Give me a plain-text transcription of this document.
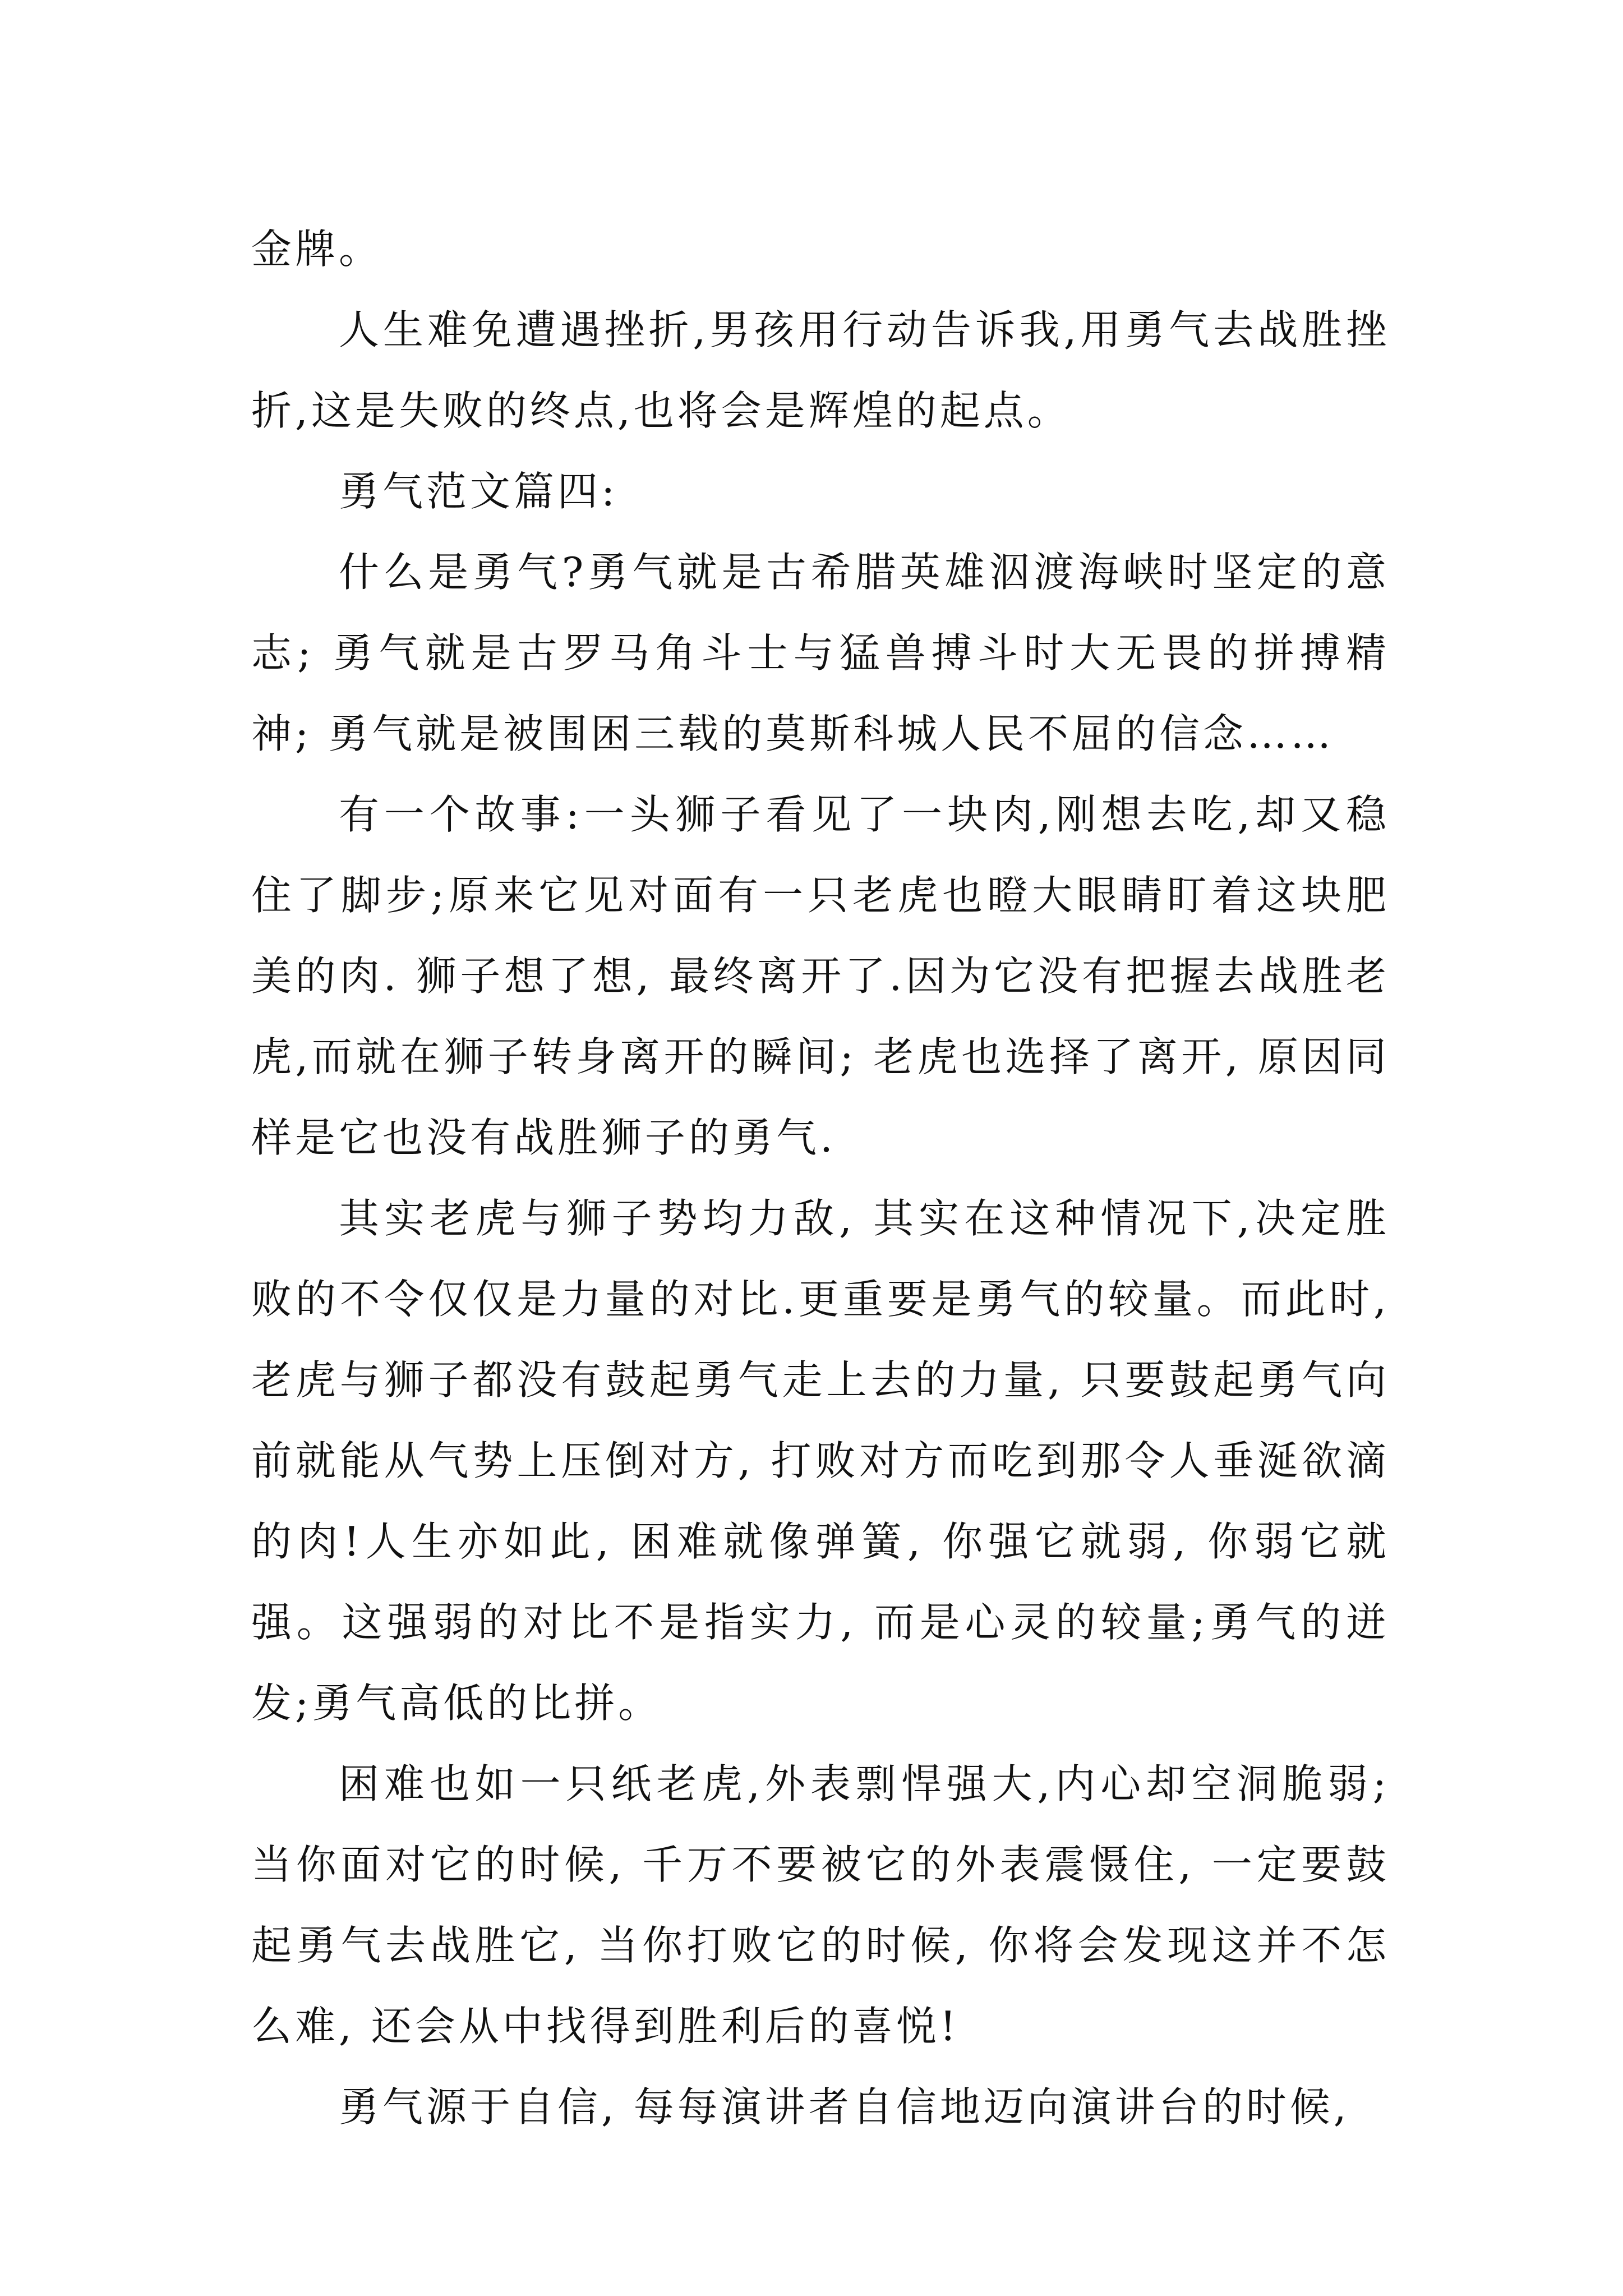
金牌。

人生难免遭遇挫折,男孩用行动告诉我,用勇气去战胜挫折,这是失败的终点,也将会是辉煌的起点。

勇气范文篇四:

什么是勇气?勇气就是古希腊英雄泅渡海峡时坚定的意志; 勇气就是古罗马角斗士与猛兽搏斗时大无畏的拼搏精神; 勇气就是被围困三载的莫斯科城人民不屈的信念……

有一个故事:一头狮子看见了一块肉,刚想去吃,却又稳住了脚步;原来它见对面有一只老虎也瞪大眼睛盯着这块肥美的肉. 狮子想了想, 最终离开了.因为它没有把握去战胜老虎,而就在狮子转身离开的瞬间; 老虎也选择了离开, 原因同样是它也没有战胜狮子的勇气.

其实老虎与狮子势均力敌, 其实在这种情况下,决定胜败的不令仅仅是力量的对比.更重要是勇气的较量。而此时, 老虎与狮子都没有鼓起勇气走上去的力量, 只要鼓起勇气向前就能从气势上压倒对方, 打败对方而吃到那令人垂涎欲滴的肉!人生亦如此, 困难就像弹簧, 你强它就弱, 你弱它就强。这强弱的对比不是指实力, 而是心灵的较量;勇气的迸发;勇气高低的比拼。

困难也如一只纸老虎,外表剽悍强大,内心却空洞脆弱; 当你面对它的时候, 千万不要被它的外表震慑住, 一定要鼓起勇气去战胜它, 当你打败它的时候, 你将会发现这并不怎么难, 还会从中找得到胜利后的喜悦!

勇气源于自信, 每每演讲者自信地迈向演讲台的时候,
